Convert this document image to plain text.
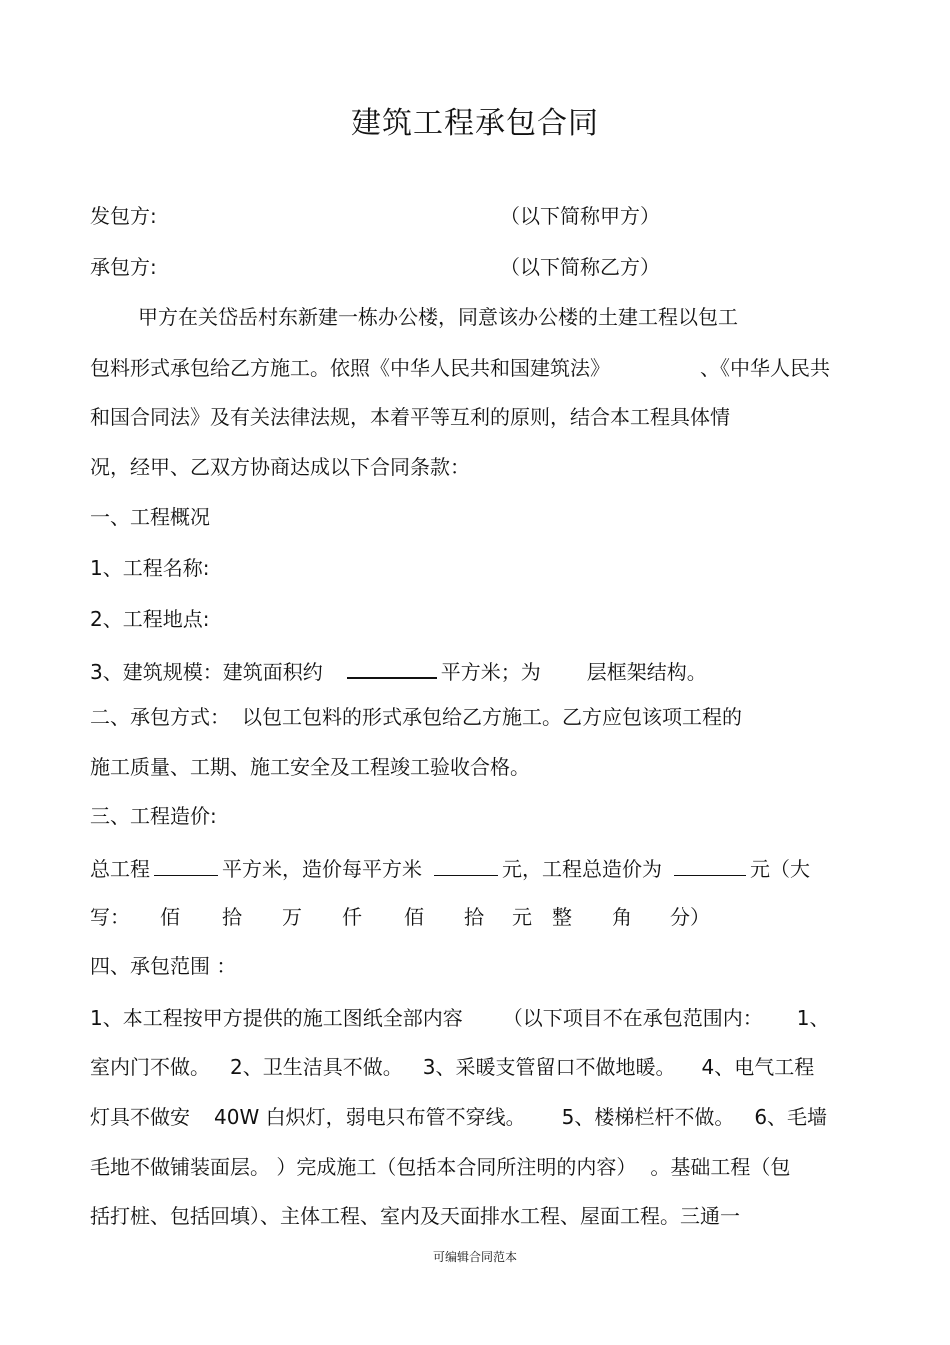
建筑工程承包合同
发包方:	（以下简称甲方）
承包方:	（以下简称乙方）
甲方在关岱岳村东新建一栋办公楼，同意该办公楼的土建工程以包工
包料形式承包给乙方施工。依照《中华人民共和国建筑法》	、《中华人民共
和国合同法》及有关法律法规，本着平等互利的原则，结合本工程具体情
况，经甲、乙双方协商达成以下合同条款：
一、工程概况
1、工程名称:
2、工程地点:
3、建筑规模：建筑面积约	平方米；为 层框架结构。
二、承包方式： 以包工包料的形式承包给乙方施工。乙方应包该项工程的
施工质量、工期、施工安全及工程竣工验收合格。
三、工程造价:
总工程	平方米，造价每平方米	元，工程总造价为	元（大
写： 佰 拾 万 仟 佰 拾 元 整 角 分）
四、承包范围 ：
1、本工程按甲方提供的施工图纸全部内容 （以下项目不在承包范围内： 1、
室内门不做。 2、卫生洁具不做。 3、采暖支管留口不做地暖。 4、电气工程
灯具不做安 40W 白炽灯，弱电只布管不穿线。 5、楼梯栏杆不做。 6、毛墙
毛地不做铺装面层。 ）完成施工（包括本合同所注明的内容） 。基础工程（包
括打桩、包括回填）、主体工程、室内及天面排水工程、屋面工程。三通一
可编辑合同范本
